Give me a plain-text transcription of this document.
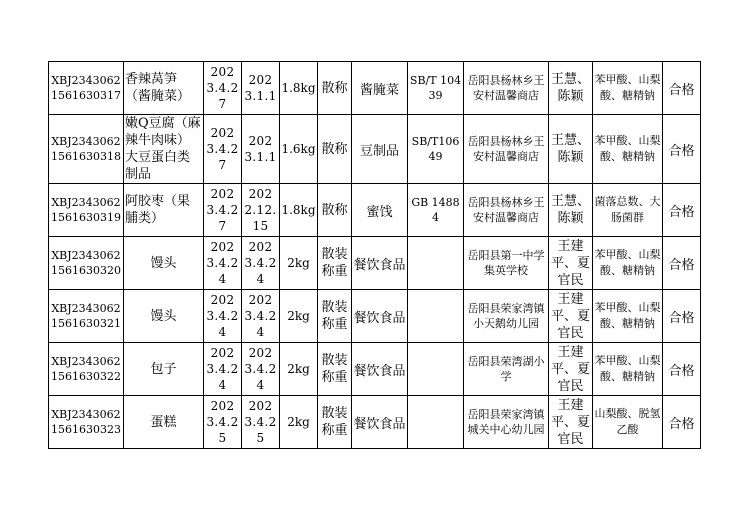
XBJ23430621561630317	香辣莴笋（酱腌菜）	2023.4.27	2023.1.1	1.8kg	散称	酱腌菜	SB/T 10439	岳阳县杨林乡王安村温馨商店	王慧、陈颖	苯甲酸、山梨酸、糖精钠	合格
XBJ23430621561630318	嫩Q豆腐（麻辣牛肉味）大豆蛋白类制品	2023.4.27	2023.1.1	1.6kg	散称	豆制品	SB/T10649	岳阳县杨林乡王安村温馨商店	王慧、陈颖	苯甲酸、山梨酸、糖精钠	合格
XBJ23430621561630319	阿胶枣（果脯类）	2023.4.27	2022.12.15	1.8kg	散称	蜜饯	GB 14884	岳阳县杨林乡王安村温馨商店	王慧、陈颖	菌落总数、大肠菌群	合格
XBJ23430621561630320	馒头	2023.4.24	2023.4.24	2kg	散装称重	餐饮食品		岳阳县第一中学集英学校	王建平、夏官民	苯甲酸、山梨酸、糖精钠	合格
XBJ23430621561630321	馒头	2023.4.24	2023.4.24	2kg	散装称重	餐饮食品		岳阳县荣家湾镇小天鹅幼儿园	王建平、夏官民	苯甲酸、山梨酸、糖精钠	合格
XBJ23430621561630322	包子	2023.4.24	2023.4.24	2kg	散装称重	餐饮食品		岳阳县荣湾湖小学	王建平、夏官民	苯甲酸、山梨酸、糖精钠	合格
XBJ23430621561630323	蛋糕	2023.4.25	2023.4.25	2kg	散装称重	餐饮食品		岳阳县荣家湾镇城关中心幼儿园	王建平、夏官民	山梨酸、脱氢乙酸	合格
